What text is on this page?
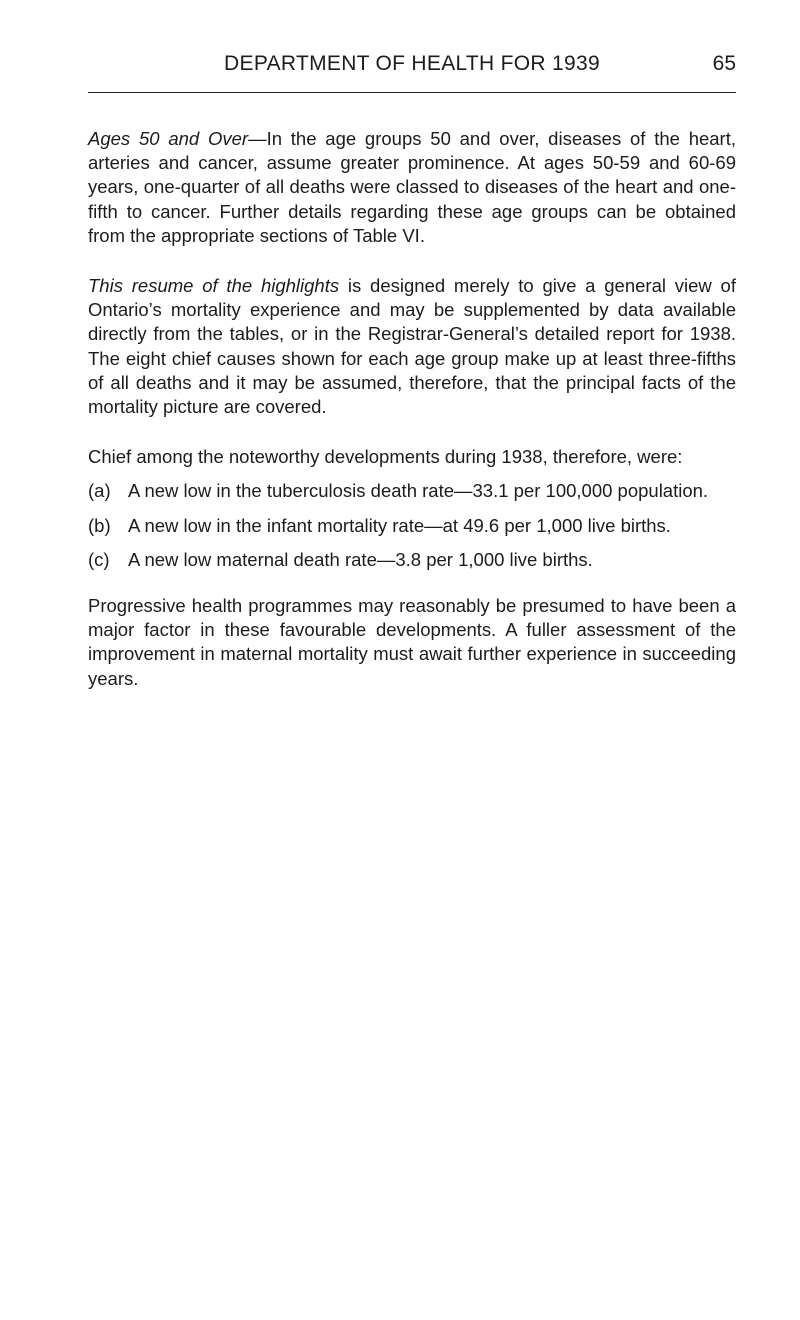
DEPARTMENT OF HEALTH FOR 1939	65

Ages 50 and Over—In the age groups 50 and over, diseases of the heart, arteries and cancer, assume greater prominence. At ages 50-59 and 60-69 years, one-quarter of all deaths were classed to diseases of the heart and one-fifth to cancer. Further details regarding these age groups can be obtained from the appropriate sections of Table VI.

This resume of the highlights is designed merely to give a general view of Ontario’s mortality experience and may be supplemented by data available directly from the tables, or in the Registrar-General’s detailed report for 1938. The eight chief causes shown for each age group make up at least three-fifths of all deaths and it may be assumed, therefore, that the principal facts of the mortality picture are covered.

Chief among the noteworthy developments during 1938, therefore, were:

(a) A new low in the tuberculosis death rate—33.1 per 100,000 population.
(b) A new low in the infant mortality rate—at 49.6 per 1,000 live births.
(c) A new low maternal death rate—3.8 per 1,000 live births.

Progressive health programmes may reasonably be presumed to have been a major factor in these favourable developments. A fuller assessment of the improvement in maternal mortality must await further experience in succeeding years.
